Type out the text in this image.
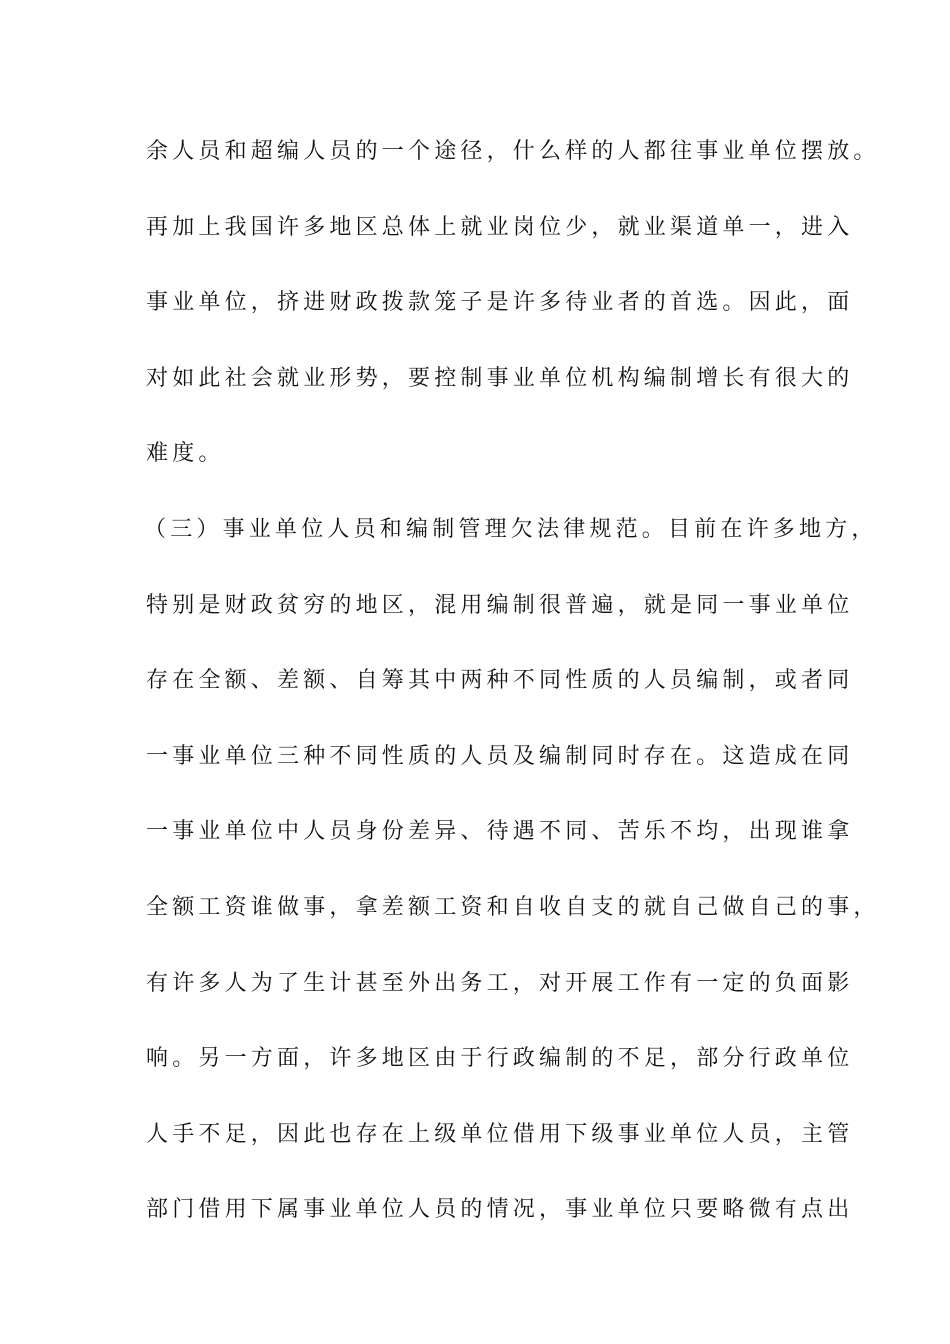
余人员和超编人员的一个途径，什么样的人都往事业单位摆放。
再加上我国许多地区总体上就业岗位少，就业渠道单一，进入
事业单位，挤进财政拨款笼子是许多待业者的首选。因此，面
对如此社会就业形势，要控制事业单位机构编制增长有很大的
难度。
（三）事业单位人员和编制管理欠法律规范。目前在许多地方，
特别是财政贫穷的地区，混用编制很普遍，就是同一事业单位
存在全额、差额、自筹其中两种不同性质的人员编制，或者同
一事业单位三种不同性质的人员及编制同时存在。这造成在同
一事业单位中人员身份差异、待遇不同、苦乐不均，出现谁拿
全额工资谁做事，拿差额工资和自收自支的就自己做自己的事，
有许多人为了生计甚至外出务工，对开展工作有一定的负面影
响。另一方面，许多地区由于行政编制的不足，部分行政单位
人手不足，因此也存在上级单位借用下级事业单位人员，主管
部门借用下属事业单位人员的情况，事业单位只要略微有点出
